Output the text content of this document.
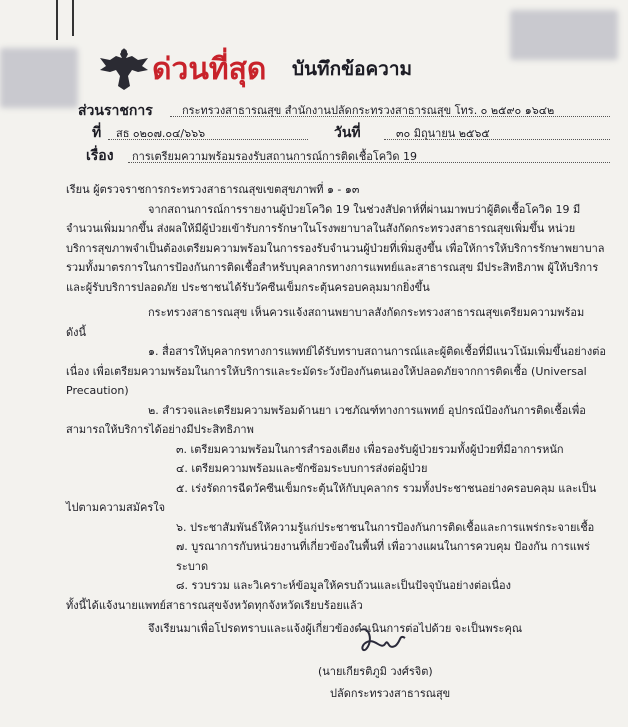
ด่วนที่สุด บันทึกข้อความ
ส่วนราชการ	กระทรวงสาธารณสุข สำนักงานปลัดกระทรวงสาธารณสุข โทร. ๐ ๒๕๙๐ ๑๖๔๒
ที่ สธ ๐๒๐๗.๐๔/๖๖๖	วันที่	๓๐ มิถุนายน ๒๕๖๕
เรื่อง การเตรียมความพร้อมรองรับสถานการณ์การติดเชื้อโควิด 19

เรียน ผู้ตรวจราชการกระทรวงสาธารณสุขเขตสุขภาพที่ ๑ - ๑๓

จากสถานการณ์การรายงานผู้ป่วยโควิด 19 ในช่วงสัปดาห์ที่ผ่านมาพบว่าผู้ติดเชื้อโควิด 19 มีจำนวนเพิ่มมากขึ้น ส่งผลให้มีผู้ป่วยเข้ารับการรักษาในโรงพยาบาลในสังกัดกระทรวงสาธารณสุขเพิ่มขึ้น หน่วยบริการสุขภาพจำเป็นต้องเตรียมความพร้อมในการรองรับจำนวนผู้ป่วยที่เพิ่มสูงขึ้น เพื่อให้การให้บริการรักษาพยาบาล รวมทั้งมาตรการในการป้องกันการติดเชื้อสำหรับบุคลากรทางการแพทย์และสาธารณสุข มีประสิทธิภาพ ผู้ให้บริการและผู้รับบริการปลอดภัย ประชาชนได้รับวัคซีนเข็มกระตุ้นครอบคลุมมากยิ่งขึ้น

กระทรวงสาธารณสุข เห็นควรแจ้งสถานพยาบาลสังกัดกระทรวงสาธารณสุขเตรียมความพร้อม ดังนี้

๑. สื่อสารให้บุคลากรทางการแพทย์ได้รับทราบสถานการณ์และผู้ติดเชื้อที่มีแนวโน้มเพิ่มขึ้นอย่างต่อเนื่อง เพื่อเตรียมความพร้อมในการให้บริการและระมัดระวังป้องกันตนเองให้ปลอดภัยจากการติดเชื้อ (Universal Precaution)

๒. สำรวจและเตรียมความพร้อมด้านยา เวชภัณฑ์ทางการแพทย์ อุปกรณ์ป้องกันการติดเชื้อเพื่อสามารถให้บริการได้อย่างมีประสิทธิภาพ

๓. เตรียมความพร้อมในการสำรองเตียง เพื่อรองรับผู้ป่วยรวมทั้งผู้ป่วยที่มีอาการหนัก

๔. เตรียมความพร้อมและซักซ้อมระบบการส่งต่อผู้ป่วย

๕. เร่งรัดการฉีดวัคซีนเข็มกระตุ้นให้กับบุคลากร รวมทั้งประชาชนอย่างครอบคลุม และเป็นไปตามความสมัครใจ

๖. ประชาสัมพันธ์ให้ความรู้แก่ประชาชนในการป้องกันการติดเชื้อและการแพร่กระจายเชื้อ

๗. บูรณาการกับหน่วยงานที่เกี่ยวข้องในพื้นที่ เพื่อวางแผนในการควบคุม ป้องกัน การแพร่ระบาด

๘. รวบรวม และวิเคราะห์ข้อมูลให้ครบถ้วนและเป็นปัจจุบันอย่างต่อเนื่อง

ทั้งนี้ได้แจ้งนายแพทย์สาธารณสุขจังหวัดทุกจังหวัดเรียบร้อยแล้ว

จึงเรียนมาเพื่อโปรดทราบและแจ้งผู้เกี่ยวข้องดำเนินการต่อไปด้วย จะเป็นพระคุณ

(นายเกียรติภูมิ วงศ์รจิต)
ปลัดกระทรวงสาธารณสุข
